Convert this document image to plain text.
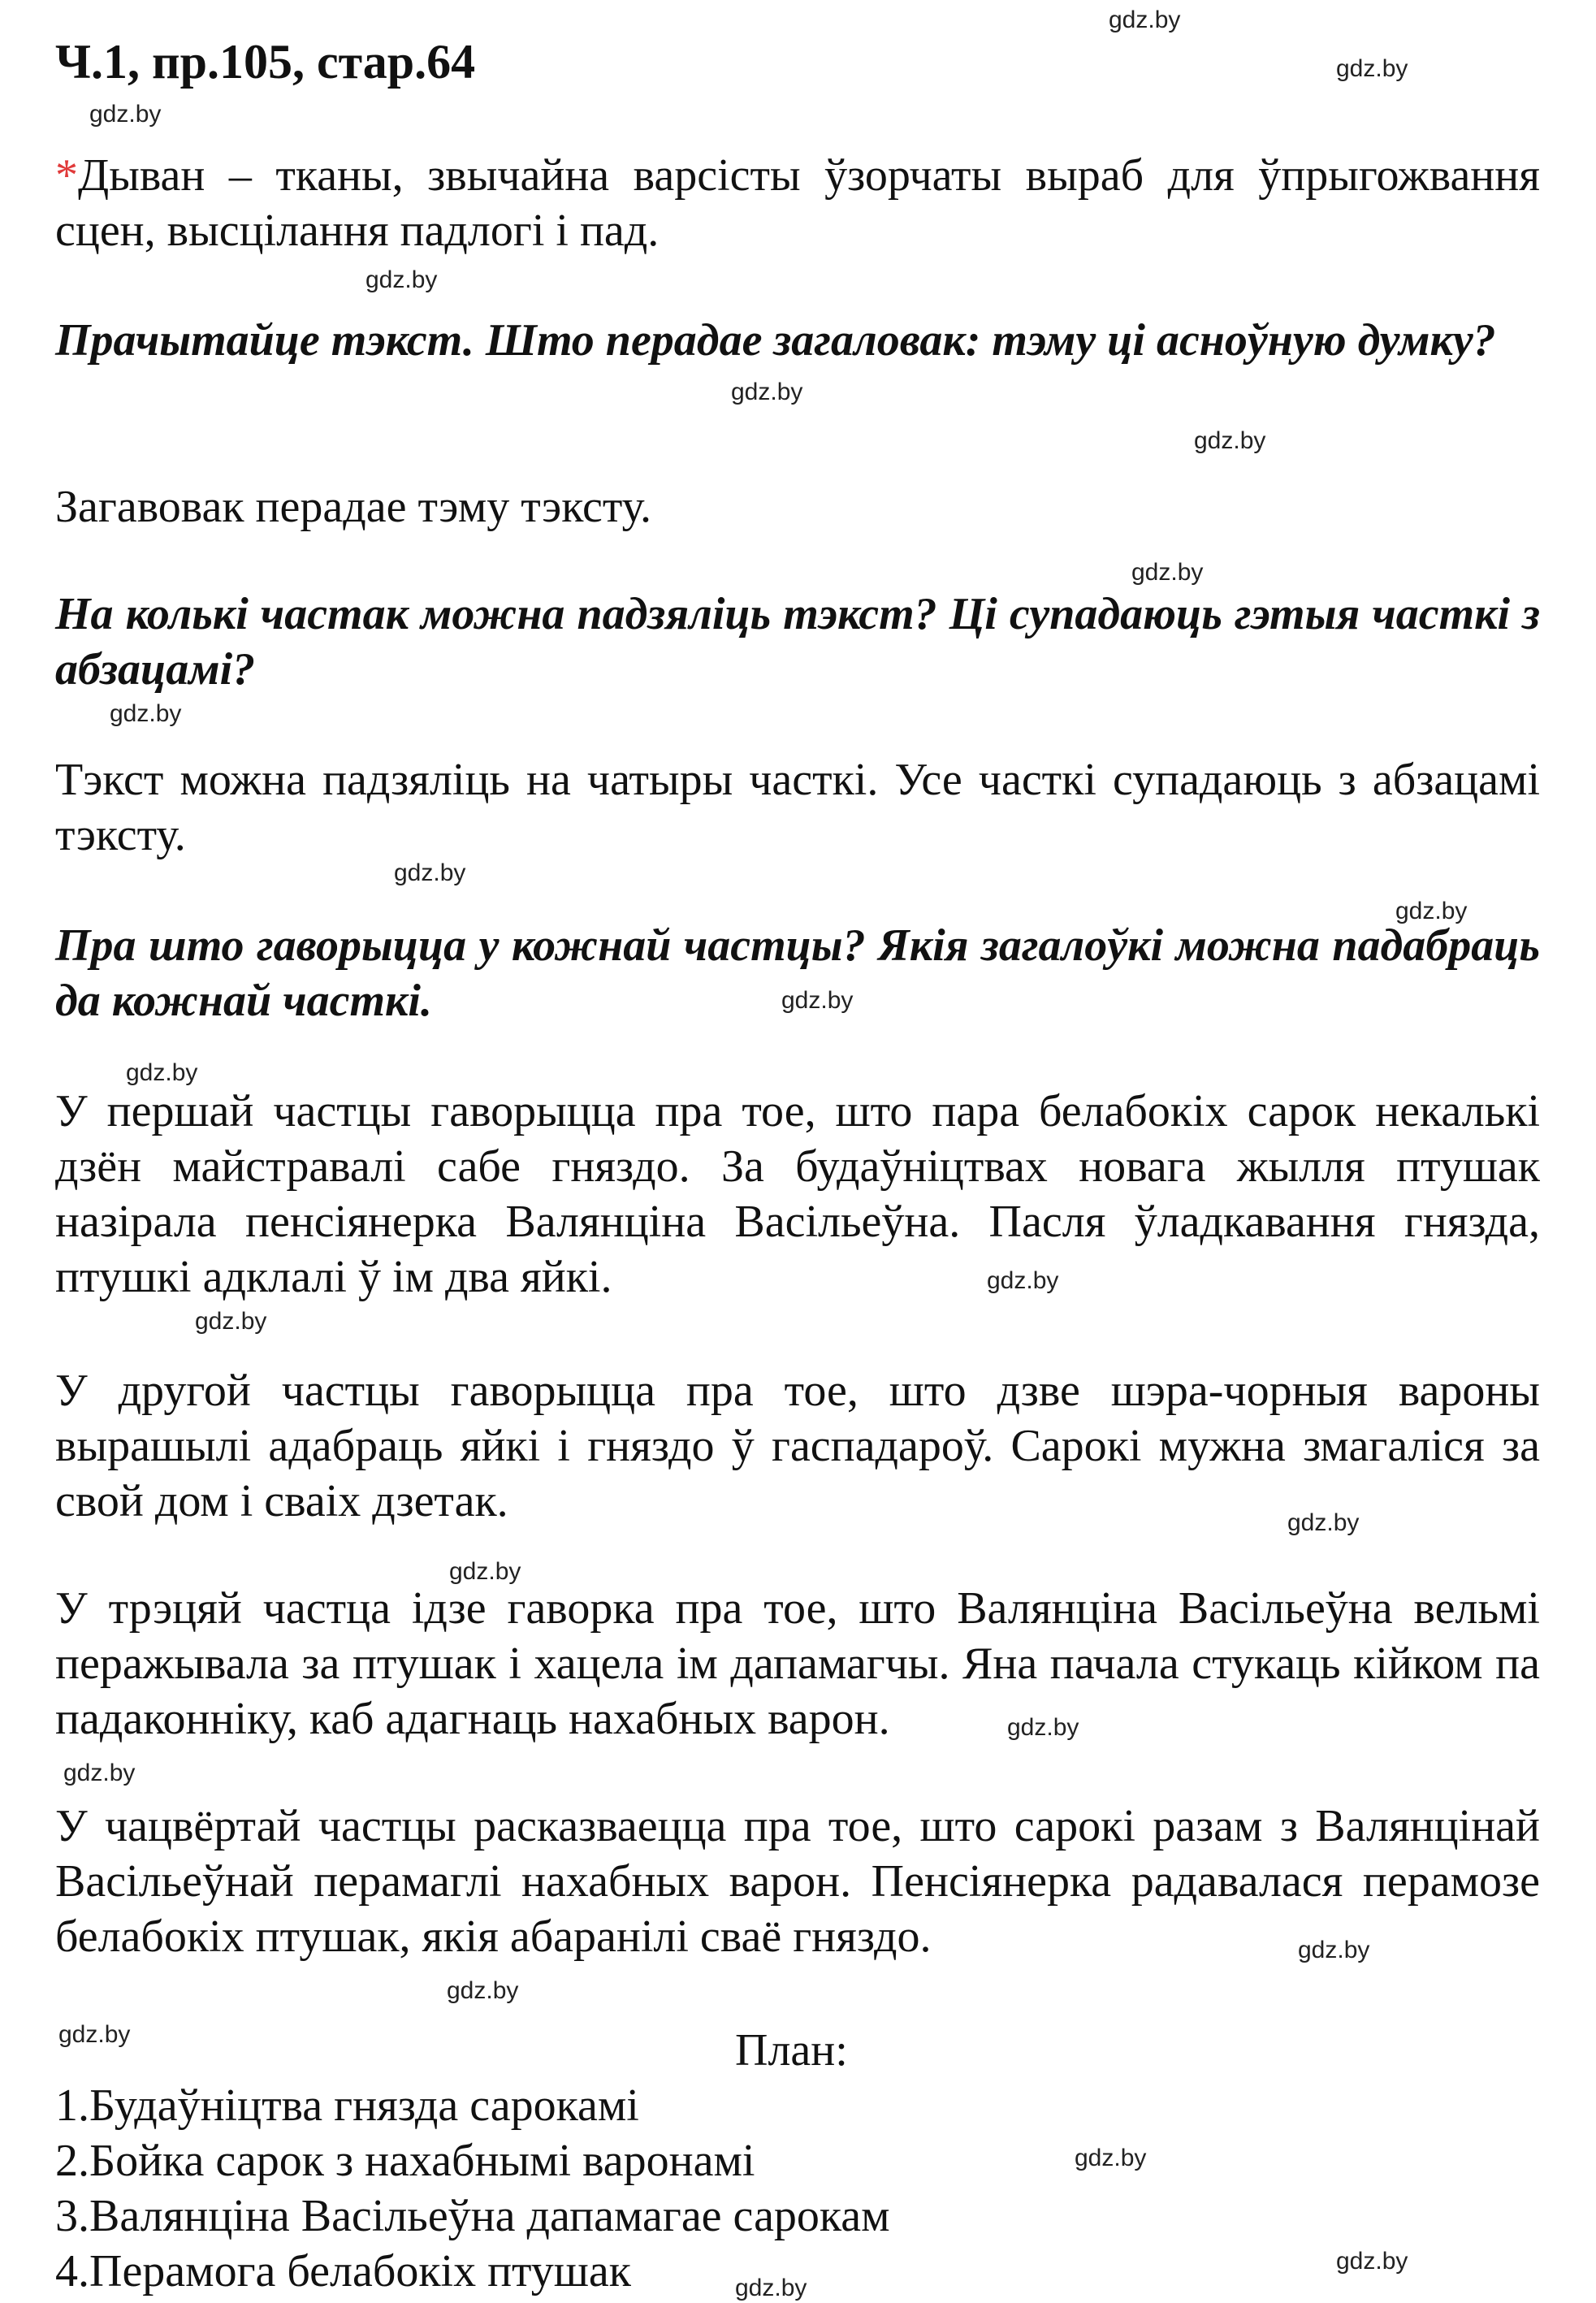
Ч.1, пр.105, стар.64

*Дыван – тканы, звычайна варсісты ўзорчаты выраб для ўпрыгожвання сцен, высцілання падлогі і пад.

Прачытайце тэкст. Што перадае загаловак: тэму ці асноўную думку?

Загавовак перадае тэму тэксту.

На колькі частак можна падзяліць тэкст? Ці супадаюць гэтыя часткі з абзацамі?

Тэкст можна падзяліць на чатыры часткі. Усе часткі супадаюць з абзацамі тэксту.

Пра што гаворыцца у кожнай частцы? Якія загалоўкі можна падабраць да кожнай часткі.

У першай частцы гаворыцца пра тое, што пара белабокіх сарок некалькі дзён майстравалі сабе гняздо. За будаўніцтвах новага жылля птушак назірала пенсіянерка Валянціна Васільеўна. Пасля ўладкавання гнязда, птушкі адклалі ў ім два яйкі.

У другой частцы гаворыцца пра тое, што дзве шэра-чорныя вароны вырашылі адабраць яйкі і гняздо ў гаспадароў. Сарокі мужна змагаліся за свой дом і сваіх дзетак.

У трэцяй частца ідзе гаворка пра тое, што Валянціна Васільеўна вельмі перажывала за птушак і хацела ім дапамагчы. Яна пачала стукаць кійком па падаконніку, каб адагнаць нахабных варон.

У чацвёртай частцы расказваецца пра тое, што сарокі разам з Валянцінай Васільеўнай перамаглі нахабных варон. Пенсіянерка радавалася перамозе белабокіх птушак, якія абаранілі сваё гняздо.

План:
1.Будаўніцтва гнязда сарокамі
2.Бойка сарок з нахабнымі варонамі
3.Валянціна Васільеўна дапамагае сарокам
4.Перамога белабокіх птушак
gdz.by
gdz.by
gdz.by
gdz.by
gdz.by
gdz.by
gdz.by
gdz.by
gdz.by
gdz.by
gdz.by
gdz.by
gdz.by
gdz.by
gdz.by
gdz.by
gdz.by
gdz.by
gdz.by
gdz.by
gdz.by
gdz.by
gdz.by
gdz.by
